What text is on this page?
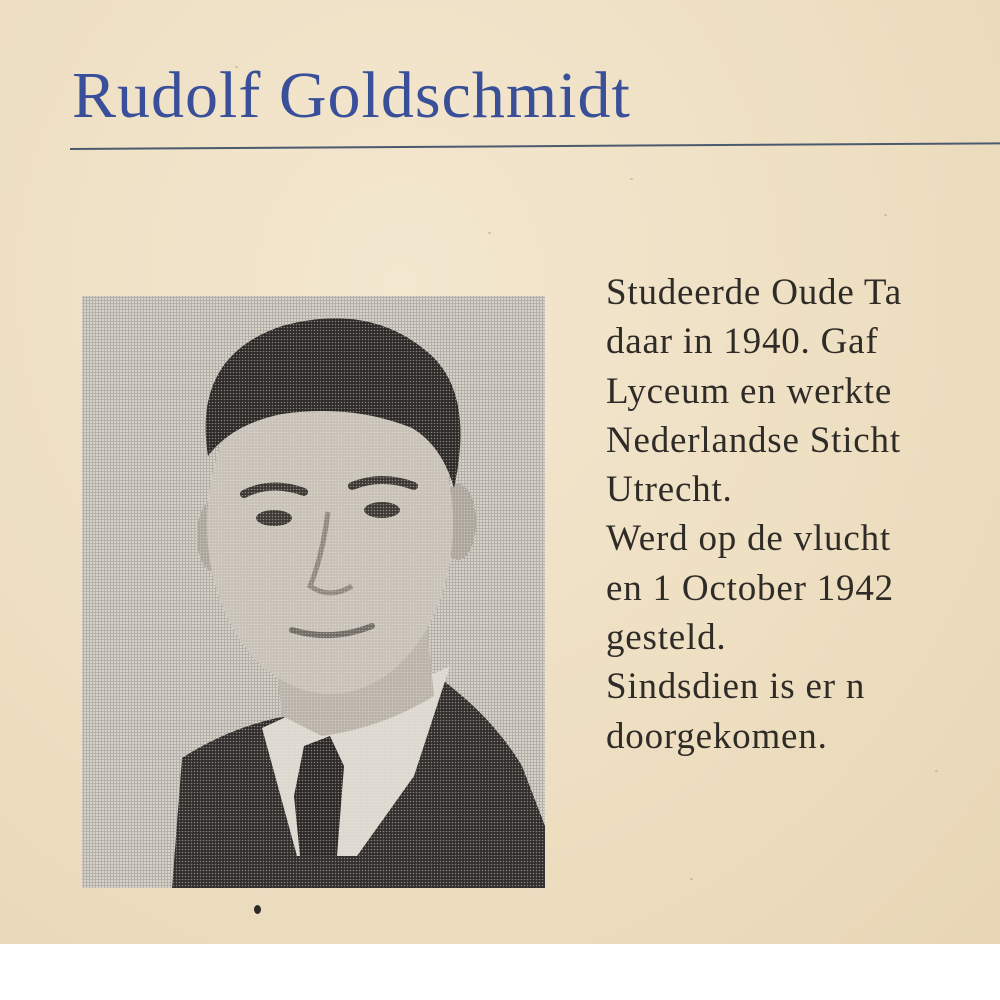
Rudolf Goldschmidt
Studeerde Oude Ta
daar in 1940. Gaf
Lyceum en werkte
Nederlandse Sticht
Utrecht.
Werd op de vlucht
en 1 October 1942
gesteld.
Sindsdien is er n
doorgekomen.
